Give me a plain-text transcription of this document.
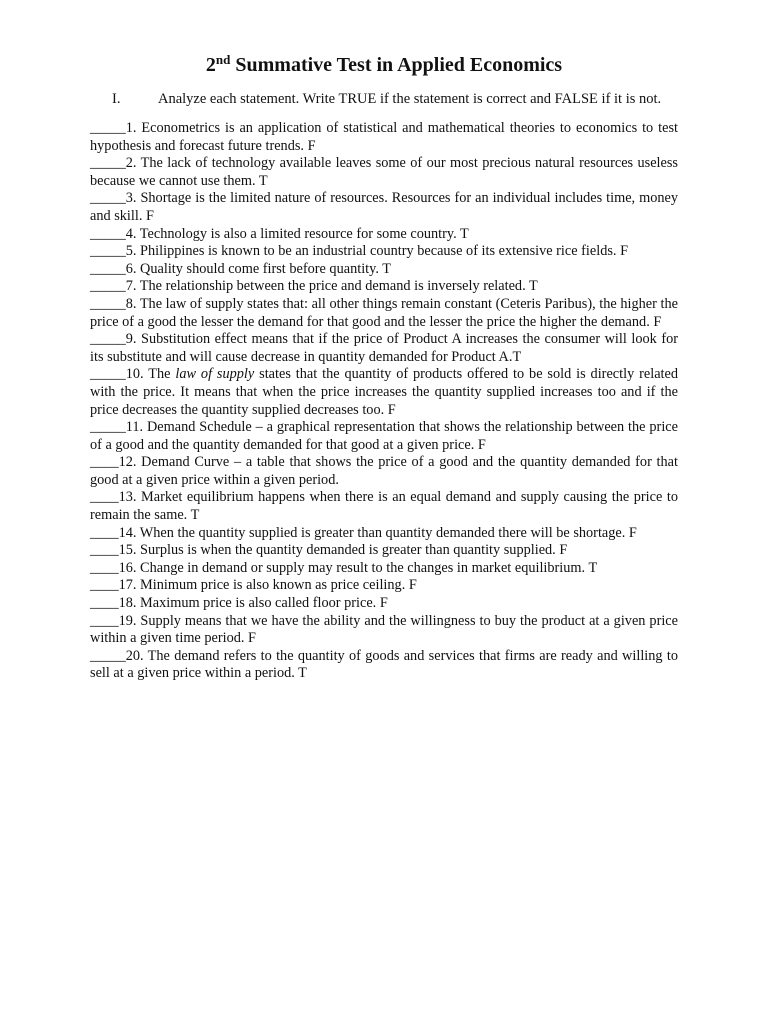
2nd Summative Test in Applied Economics
I.	Analyze each statement. Write TRUE if the statement is correct and FALSE if it is not.

_____1. Econometrics is an application of statistical and mathematical theories to economics to test hypothesis and forecast future trends. F

_____2. The lack of technology available leaves some of our most precious natural resources useless because we cannot use them. T

_____3. Shortage is the limited nature of resources. Resources for an individual includes time, money and skill. F

_____4. Technology is also a limited resource for some country. T

_____5. Philippines is known to be an industrial country because of its extensive rice fields. F

_____6. Quality should come first before quantity. T

_____7. The relationship between the price and demand is inversely related. T

_____8. The law of supply states that: all other things remain constant (Ceteris Paribus), the higher the price of a good the lesser the demand for that good and the lesser the price the higher the demand. F

_____9. Substitution effect means that if the price of Product A increases the consumer will look for its substitute and will cause decrease in quantity demanded for Product A.T

_____10. The law of supply states that the quantity of products offered to be sold is directly related with the price. It means that when the price increases the quantity supplied increases too and if the price decreases the quantity supplied decreases too. F

_____11. Demand Schedule – a graphical representation that shows the relationship between the price of a good and the quantity demanded for that good at a given price. F

____12. Demand Curve – a table that shows the price of a good and the quantity demanded for that good at a given price within a given period.

____13. Market equilibrium happens when there is an equal demand and supply causing the price to remain the same. T

____14. When the quantity supplied is greater than quantity demanded there will be shortage. F

____15. Surplus is when the quantity demanded is greater than quantity supplied. F

____16. Change in demand or supply may result to the changes in market equilibrium. T

____17. Minimum price is also known as price ceiling. F

____18. Maximum price is also called floor price. F

____19. Supply means that we have the ability and the willingness to buy the product at a given price within a given time period. F

_____20. The demand refers to the quantity of goods and services that firms are ready and willing to sell at a given price within a period. T
